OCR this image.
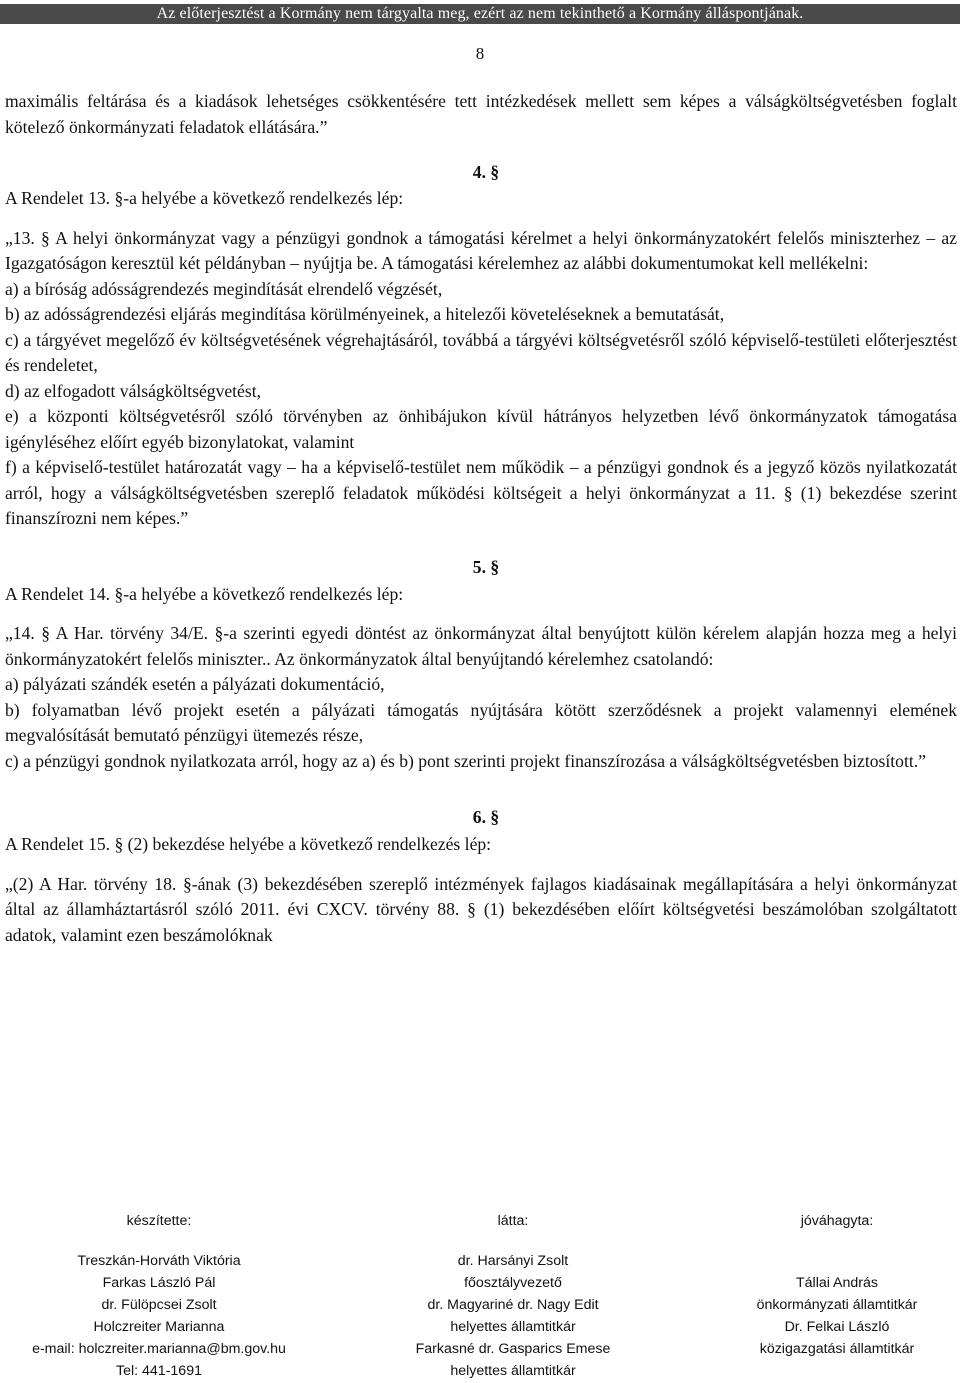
Az előterjesztést a Kormány nem tárgyalta meg, ezért az nem tekinthető a Kormány álláspontjának.
8

maximális feltárása és a kiadások lehetséges csökkentésére tett intézkedések mellett sem képes a válságköltségvetésben foglalt kötelező önkormányzati feladatok ellátására.”

4. §

A Rendelet 13. §-a helyébe a következő rendelkezés lép:

„13. § A helyi önkormányzat vagy a pénzügyi gondnok a támogatási kérelmet a helyi önkormányzatokért felelős miniszterhez – az Igazgatóságon keresztül két példányban – nyújtja be. A támogatási kérelemhez az alábbi dokumentumokat kell mellékelni:

a) a bíróság adósságrendezés megindítását elrendelő végzését,

b) az adósságrendezési eljárás megindítása körülményeinek, a hitelezői követeléseknek a bemutatását,

c) a tárgyévet megelőző év költségvetésének végrehajtásáról, továbbá a tárgyévi költségvetésről szóló képviselő-testületi előterjesztést és rendeletet,

d) az elfogadott válságköltségvetést,

e) a központi költségvetésről szóló törvényben az önhibájukon kívül hátrányos helyzetben lévő önkormányzatok támogatása igényléséhez előírt egyéb bizonylatokat, valamint

f) a képviselő-testület határozatát vagy – ha a képviselő-testület nem működik – a pénzügyi gondnok és a jegyző közös nyilatkozatát arról, hogy a válságköltségvetésben szereplő feladatok működési költségeit a helyi önkormányzat a 11. § (1) bekezdése szerint finanszírozni nem képes.”

5. §

A Rendelet 14. §-a helyébe a következő rendelkezés lép:

„14. § A Har. törvény 34/E. §-a szerinti egyedi döntést az önkormányzat által benyújtott külön kérelem alapján hozza meg a helyi önkormányzatokért felelős miniszter.. Az önkormányzatok által benyújtandó kérelemhez csatolandó:

a) pályázati szándék esetén a pályázati dokumentáció,

b) folyamatban lévő projekt esetén a pályázati támogatás nyújtására kötött szerződésnek a projekt valamennyi elemének megvalósítását bemutató pénzügyi ütemezés része,

c) a pénzügyi gondnok nyilatkozata arról, hogy az a) és b) pont szerinti projekt finanszírozása a válságköltségvetésben biztosított.”

6. §

A Rendelet 15. § (2) bekezdése helyébe a következő rendelkezés lép:

„(2) A Har. törvény 18. §-ának (3) bekezdésében szereplő intézmények fajlagos kiadásainak megállapítására a helyi önkormányzat által az államháztartásról szóló 2011. évi CXCV. törvény 88. § (1) bekezdésében előírt költségvetési beszámolóban szolgáltatott adatok, valamint ezen beszámolóknak

készítette:

Treszkán-Horváth Viktória

Farkas László Pál

dr. Fülöpcsei Zsolt

Holczreiter Marianna

e-mail: holczreiter.marianna@bm.gov.hu

Tel: 441-1691

látta:

dr. Harsányi Zsolt

főosztályvezető

dr. Magyariné dr. Nagy Edit

helyettes államtitkár

Farkasné dr. Gasparics Emese

helyettes államtitkár

jóváhagyta:

Tállai András

önkormányzati államtitkár

Dr. Felkai László

közigazgatási államtitkár
